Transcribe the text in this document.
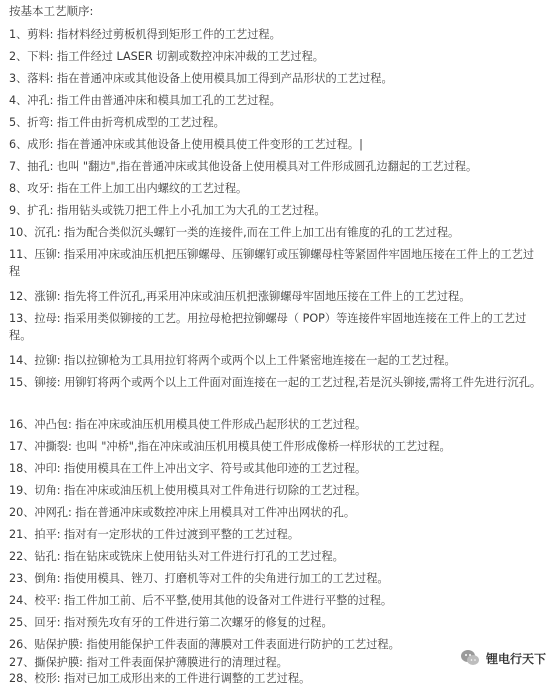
按基本工艺顺序:
1、剪料: 指材料经过剪板机得到矩形工件的工艺过程。
2、下料: 指工件经过 LASER 切割或数控冲床冲裁的工艺过程。
3、落料: 指在普通冲床或其他设备上使用模具加工得到产品形状的工艺过程。
4、冲孔: 指工件由普通冲床和模具加工孔的工艺过程。
5、折弯: 指工件由折弯机成型的工艺过程。
6、成形: 指在普通冲床或其他设备上使用模具使工件变形的工艺过程。|
7、抽孔: 也叫 "翻边",指在普通冲床或其他设备上使用模具对工件形成圆孔边翻起的工艺过程。
8、攻牙: 指在工件上加工出内螺纹的工艺过程。
9、扩孔: 指用钻头或铣刀把工件上小孔加工为大孔的工艺过程。
10、沉孔: 指为配合类似沉头螺钉一类的连接件,而在工件上加工出有锥度的孔的工艺过程。
11、压铆: 指采用冲床或油压机把压铆螺母、压铆螺钉或压铆螺母柱等紧固件牢固地压接在工件上的工艺过程
12、涨铆: 指先将工件沉孔,再采用冲床或油压机把涨铆螺母牢固地压接在工件上的工艺过程。
13、拉母: 指采用类似铆接的工艺。用拉母枪把拉铆螺母（ POP）等连接件牢固地连接在工件上的工艺过程。
14、拉铆: 指以拉铆枪为工具用拉钉将两个或两个以上工件紧密地连接在一起的工艺过程。
15、铆接: 用铆钉将两个或两个以上工件面对面连接在一起的工艺过程,若是沉头铆接,需将工件先进行沉孔。
16、冲凸包: 指在冲床或油压机用模具使工件形成凸起形状的工艺过程。
17、冲撕裂: 也叫 "冲桥",指在冲床或油压机用模具使工件形成像桥一样形状的工艺过程。
18、冲印: 指使用模具在工件上冲出文字、符号或其他印迹的工艺过程。
19、切角: 指在冲床或油压机上使用模具对工件角进行切除的工艺过程。
20、冲网孔: 指在普通冲床或数控冲床上用模具对工件冲出网状的孔。
21、拍平: 指对有一定形状的工件过渡到平整的工艺过程。
22、钻孔: 指在钻床或铣床上使用钻头对工件进行打孔的工艺过程。
23、倒角: 指使用模具、锉刀、打磨机等对工件的尖角进行加工的工艺过程。
24、校平: 指工件加工前、后不平整,使用其他的设备对工件进行平整的过程。
25、回牙: 指对预先攻有牙的工件进行第二次螺牙的修复的过程。
26、贴保护膜: 指使用能保护工件表面的薄膜对工件表面进行防护的工艺过程。
27、撕保护膜: 指对工件表面保护薄膜进行的清理过程。
28、校形: 指对已加工成形出来的工件进行调整的工艺过程。
锂电行天下
